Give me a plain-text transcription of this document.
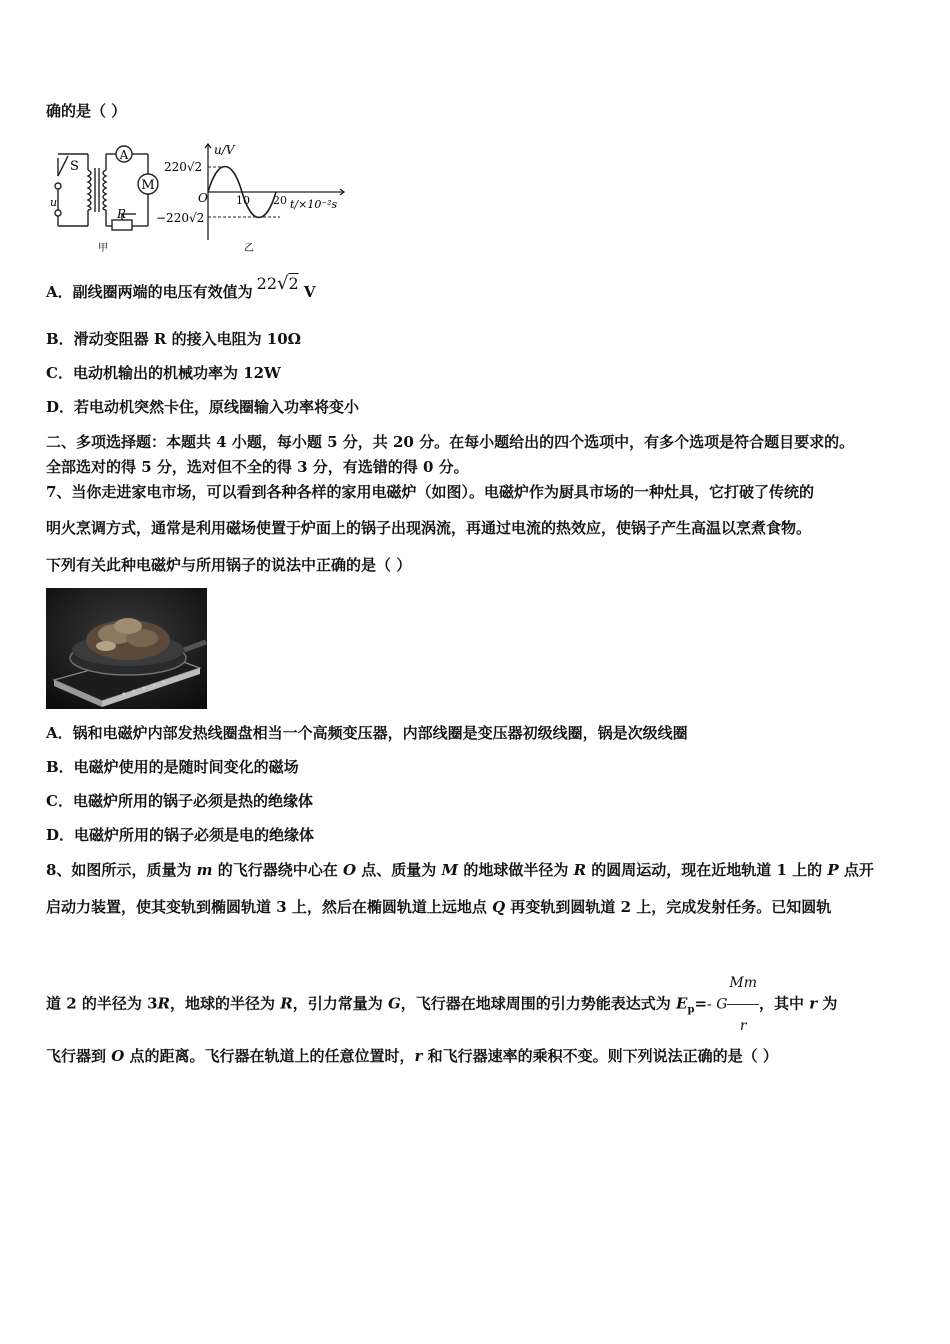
确的是（ ）
A
M
S
u
R
甲
u/V
220√2
−220√2
O	10 20 t/×10⁻²s
乙
A．副线圈两端的电压有效值为 22√2 V
B．滑动变阻器 R 的接入电阻为 10Ω
C．电动机输出的机械功率为 12W
D．若电动机突然卡住，原线圈输入功率将变小
二、多项选择题：本题共 4 小题，每小题 5 分，共 20 分。在每小题给出的四个选项中，有多个选项是符合题目要求的。
全部选对的得 5 分，选对但不全的得 3 分，有选错的得 0 分。
7、当你走进家电市场，可以看到各种各样的家用电磁炉（如图）。电磁炉作为厨具市场的一种灶具，它打破了传统的
明火烹调方式，通常是利用磁场使置于炉面上的锅子出现涡流，再通过电流的热效应，使锅子产生高温以烹煮食物。
下列有关此种电磁炉与所用锅子的说法中正确的是（ ）
A．锅和电磁炉内部发热线圈盘相当一个高频变压器，内部线圈是变压器初级线圈，锅是次级线圈
B．电磁炉使用的是随时间变化的磁场
C．电磁炉所用的锅子必须是热的绝缘体
D．电磁炉所用的锅子必须是电的绝缘体
8、如图所示，质量为 m 的飞行器绕中心在 O 点、质量为 M 的地球做半径为 R 的圆周运动，现在近地轨道 1 上的 P 点开
启动力装置，使其变轨到椭圆轨道 3 上，然后在椭圆轨道上远地点 Q 再变轨到圆轨道 2 上，完成发射任务。已知圆轨
道 2 的半径为 3R，地球的半径为 R，引力常量为 G，飞行器在地球周围的引力势能表达式为 $E_p=-$ G $\frac{Mm}{r}$ ，其中 r 为
飞行器到 O 点的距离。飞行器在轨道上的任意位置时，r 和飞行器速率的乘积不变。则下列说法正确的是（ ）
